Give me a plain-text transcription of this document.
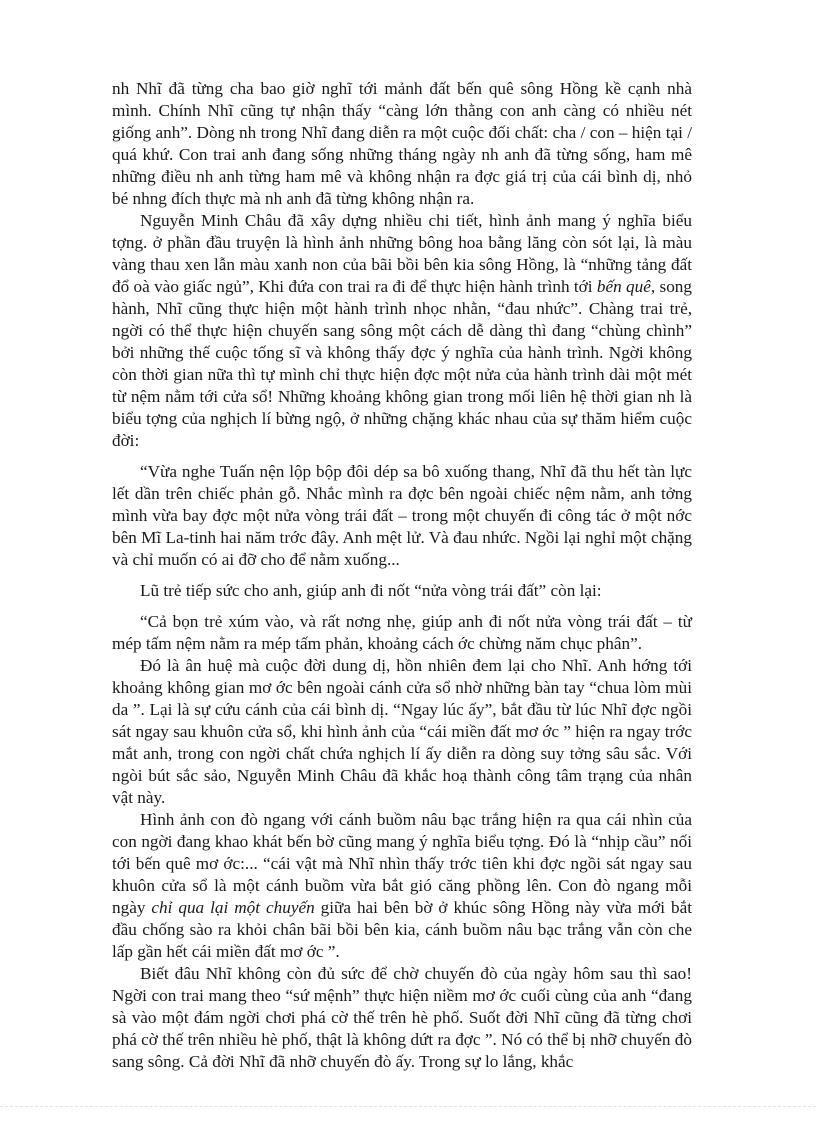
nh Nhĩ đã từng cha bao giờ nghĩ tới mảnh đất bến quê sông Hồng kề cạnh nhà mình. Chính Nhĩ cũng tự nhận thấy “càng lớn thằng con anh càng có nhiều nét giống anh”. Dòng nh trong Nhĩ đang diễn ra một cuộc đối chất: cha / con – hiện tại / quá khứ. Con trai anh đang sống những tháng ngày nh anh đã từng sống, ham mê những điều nh anh từng ham mê và không nhận ra đợc giá trị của cái bình dị, nhỏ bé nhng đích thực mà nh anh đã từng không nhận ra.

Nguyễn Minh Châu đã xây dựng nhiều chi tiết, hình ảnh mang ý nghĩa biểu tợng. ở phần đầu truyện là hình ảnh những bông hoa bằng lăng còn sót lại, là màu vàng thau xen lẫn màu xanh non của bãi bồi bên kia sông Hồng, là “những tảng đất đổ oà vào giấc ngủ”, Khi đứa con trai ra đi để thực hiện hành trình tới bến quê, song hành, Nhĩ cũng thực hiện một hành trình nhọc nhằn, “đau nhức”. Chàng trai trẻ, ngời có thể thực hiện chuyến sang sông một cách dễ dàng thì đang “chùng chình” bởi những thế cuộc tống sĩ và không thấy đợc ý nghĩa của hành trình. Ngời không còn thời gian nữa thì tự mình chỉ thực hiện đợc một nửa của hành trình dài một mét từ nệm nằm tới cửa sổ! Những khoảng không gian trong mối liên hệ thời gian nh là biểu tợng của nghịch lí bừng ngộ, ở những chặng khác nhau của sự thăm hiểm cuộc đời:

“Vừa nghe Tuấn nện lộp bộp đôi dép sa bô xuống thang, Nhĩ đã thu hết tàn lực lết dần trên chiếc phản gỗ. Nhắc mình ra đợc bên ngoài chiếc nệm nằm, anh tởng mình vừa bay đợc một nửa vòng trái đất – trong một chuyến đi công tác ở một nớc bên Mĩ La-tinh hai năm trớc đây. Anh mệt lử. Và đau nhức. Ngồi lại nghỉ một chặng và chỉ muốn có ai đỡ cho để nằm xuống...

Lũ trẻ tiếp sức cho anh, giúp anh đi nốt “nửa vòng trái đất” còn lại:

“Cả bọn trẻ xúm vào, và rất nơng nhẹ, giúp anh đi nốt nửa vòng trái đất – từ mép tấm nệm nằm ra mép tấm phản, khoảng cách ớc chừng năm chục phân”.

Đó là ân huệ mà cuộc đời dung dị, hồn nhiên đem lại cho Nhĩ. Anh hớng tới khoảng không gian mơ ớc bên ngoài cánh cửa sổ nhờ những bàn tay “chua lòm mùi da ”. Lại là sự cứu cánh của cái bình dị. “Ngay lúc ấy”, bắt đầu từ lúc Nhĩ đợc ngồi sát ngay sau khuôn cửa sổ, khi hình ảnh của “cái miền đất mơ ớc ” hiện ra ngay trớc mắt anh, trong con ngời chất chứa nghịch lí ấy diễn ra dòng suy tởng sâu sắc. Với ngòi bút sắc sảo, Nguyễn Minh Châu đã khắc hoạ thành công tâm trạng của nhân vật này.

Hình ảnh con đò ngang với cánh buồm nâu bạc trắng hiện ra qua cái nhìn của con ngời đang khao khát bến bờ cũng mang ý nghĩa biểu tợng. Đó là “nhịp cầu” nối tới bến quê mơ ớc:... “cái vật mà Nhĩ nhìn thấy trớc tiên khi đợc ngồi sát ngay sau khuôn cửa sổ là một cánh buồm vừa bắt gió căng phồng lên. Con đò ngang mỗi ngày chỉ qua lại một chuyến giữa hai bên bờ ở khúc sông Hồng này vừa mới bắt đầu chống sào ra khỏi chân bãi bồi bên kia, cánh buồm nâu bạc trắng vẫn còn che lấp gần hết cái miền đất mơ ớc ”.

Biết đâu Nhĩ không còn đủ sức để chờ chuyến đò của ngày hôm sau thì sao! Ngời con trai mang theo “sứ mệnh” thực hiện niềm mơ ớc cuối cùng của anh “đang sà vào một đám ngời chơi phá cờ thế trên hè phố. Suốt đời Nhĩ cũng đã từng chơi phá cờ thế trên nhiều hè phố, thật là không dứt ra đợc ”. Nó có thể bị nhỡ chuyến đò sang sông. Cả đời Nhĩ đã nhỡ chuyến đò ấy. Trong sự lo lắng, khắc
